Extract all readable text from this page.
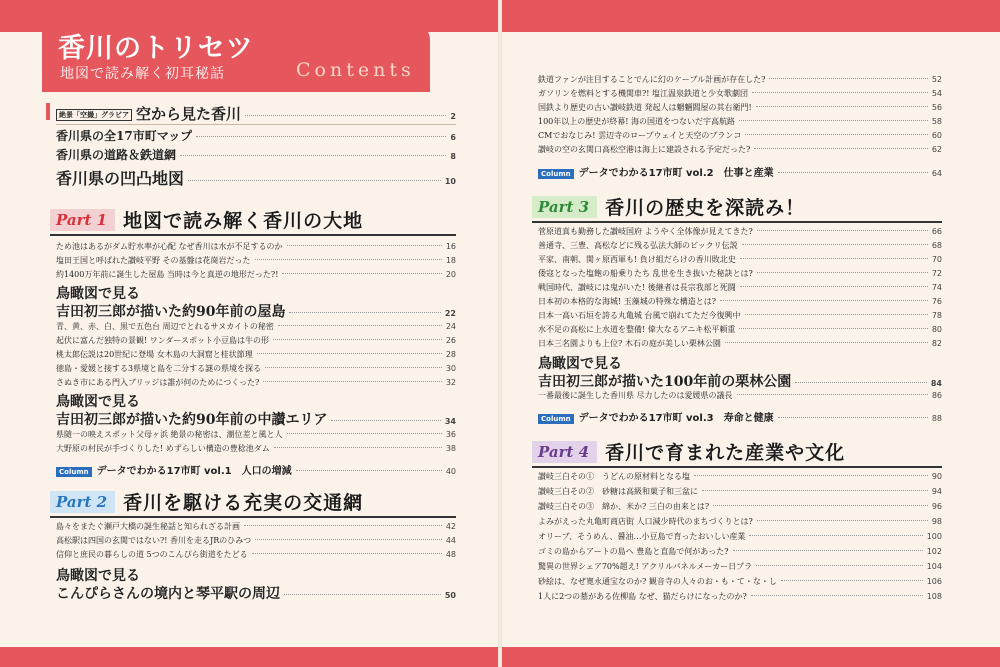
香川のトリセツ
地図で読み解く初耳秘話	Contents
絶景「空撮」グラビア 空から見た香川	2
香川県の全17市町マップ	6
香川県の道路＆鉄道網	8
香川県の凹凸地図	10
Part 1 地図で読み解く香川の大地
ため池はあるがダム貯水率が心配 なぜ香川は水が不足するのか	16
塩田王国と呼ばれた讃岐平野 その基盤は花崗岩だった	18
約1400万年前に誕生した屋島 当時は今と真逆の地形だった?!	20
鳥瞰図で見る
吉田初三郎が描いた約90年前の屋島	22
青、黄、赤、白、黒で五色台 周辺でとれるサヌカイトの秘密	24
起伏に富んだ独特の景観! ワンダースポット小豆島は牛の形	26
桃太郎伝説は20世紀に登場 女木島の大洞窟と桂状節理	28
徳島・愛媛と接する3県境と島を二分する謎の県境を探る	30
さぬき市にある門入ブリッジは誰が何のためにつくった?	32
鳥瞰図で見る
吉田初三郎が描いた約90年前の中讃エリア	34
県随一の映えスポット父母ヶ浜 絶景の秘密は、潮位差と風と人	36
大野原の村民が手づくりした! めずらしい構造の豊稔池ダム	38
Column データでわかる17市町 vol.1　人口の増減	40
Part 2 香川を駆ける充実の交通網
島々をまたぐ瀬戸大橋の誕生秘話と知られざる計画	42
高松駅は四国の玄関ではない?! 香川を走るJRのひみつ	44
信仰と庶民の暮らしの道 5つのこんぴら街道をたどる	48
鳥瞰図で見る
こんぴらさんの境内と琴平駅の周辺	50
鉄道ファンが注目することでんに幻のケーブル計画が存在した?	52
ガソリンを燃料とする機関車?! 塩江温泉鉄道と少女歌劇団	54
国鉄より歴史の古い讃岐鉄道 発起人は魍魎閻屋の其右衛門!	56
100年以上の歴史が終幕! 海の国道をつないだ宇高航路	58
CMでおなじみ! 雲辺寺のロープウェイと天空のブランコ	60
讃岐の空の玄関口高松空港は海上に建設される予定だった?	62
Column データでわかる17市町 vol.2　仕事と産業	64
Part 3 香川の歴史を深読み！
菅原道真も勤務した讃岐国府 ようやく全体像が見えてきた?	66
善通寺、三豊、高松などに残る弘法大師のビックリ伝説	68
平家、南朝、関ヶ原西軍も! 負け組だらけの香川敗北史	70
倭寇となった塩飽の船乗りたち 乱世を生き抜いた秘訣とは?	72
戦国時代、讃岐には鬼がいた! 後継者は長宗我部と死闘	74
日本初の本格的な海城! 玉藻城の特殊な構造とは?	76
日本一高い石垣を誇る丸亀城 台風で崩れてただ今復興中	78
水不足の高松に上水道を整備! 偉大なるアニキ松平頼重	80
日本三名園よりも上位? 木石の庭が美しい栗林公園	82
鳥瞰図で見る
吉田初三郎が描いた100年前の栗林公園	84
一番最後に誕生した香川県 尽力したのは愛媛県の議長	86
Column データでわかる17市町 vol.3　寿命と健康	88
Part 4 香川で育まれた産業や文化
讃岐三白その①　うどんの原材料となる塩	90
讃岐三白その②　砂糖は高級和菓子和三盆に	94
讃岐三白その③　綿か、米か? 三白の由来とは?	96
よみがえった丸亀町商店街 人口減少時代のまちづくりとは?	98
オリーブ、そうめん、醤油…小豆島で育ったおいしい産業	100
ゴミの島からアートの島へ 豊島と直島で何があった?	102
驚異の世界シェア70%超え! アクリルパネルメーカー日プラ	104
砂絵は、なぜ寛永通宝なのか? 観音寺の人々のお・も・て・な・し	106
1人に2つの墓がある佐柳島 なぜ、猫だらけになったのか?	108
